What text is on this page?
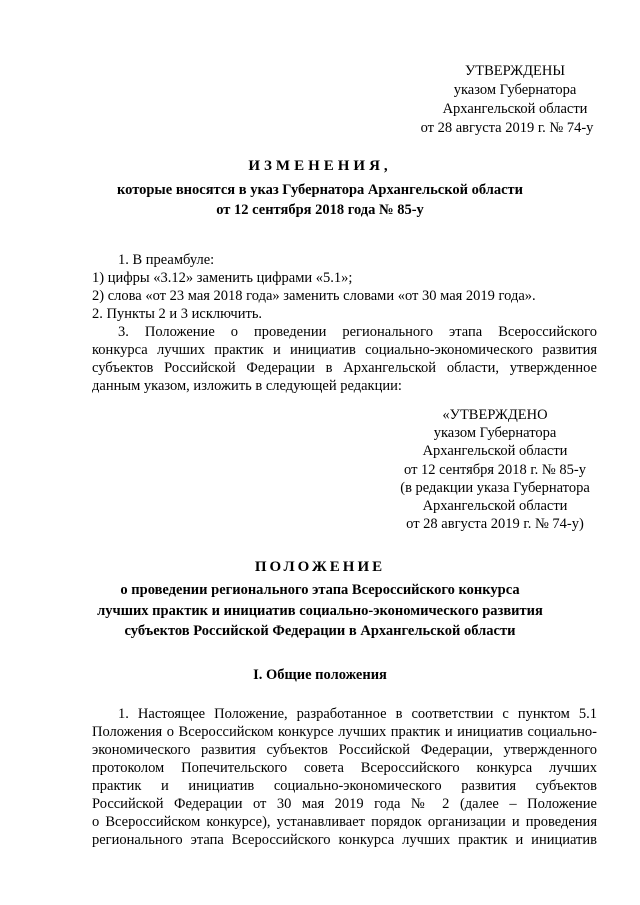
УТВЕРЖДЕНЫ
указом Губернатора
Архангельской области
от 28 августа 2019 г. № 74-у
ИЗМЕНЕНИЯ,
которые вносятся в указ Губернатора Архангельской области
от 12 сентября 2018 года № 85-у
1. В преамбуле:
1) цифры «3.12» заменить цифрами «5.1»;
2) слова «от 23 мая 2018 года» заменить словами «от 30 мая 2019 года».
2. Пункты 2 и 3 исключить.
3. Положение о проведении регионального этапа Всероссийского
конкурса лучших практик и инициатив социально-экономического развития
субъектов Российской Федерации в Архангельской области, утвержденное
данным указом, изложить в следующей редакции:
«УТВЕРЖДЕНО
указом Губернатора
Архангельской области
от 12 сентября 2018 г. № 85-у
(в редакции указа Губернатора
Архангельской области
от 28 августа 2019 г. № 74-у)
ПОЛОЖЕНИЕ
о проведении регионального этапа Всероссийского конкурса
лучших практик и инициатив социально-экономического развития
субъектов Российской Федерации в Архангельской области
I. Общие положения
1. Настоящее Положение, разработанное в соответствии с пунктом 5.1
Положения о Всероссийском конкурсе лучших практик и инициатив социально-
экономического развития субъектов Российской Федерации, утвержденного
протоколом Попечительского совета Всероссийского конкурса лучших
практик и инициатив социально-экономического развития субъектов
Российской Федерации от 30 мая 2019 года № 2 (далее – Положение
о Всероссийском конкурсе), устанавливает порядок организации и проведения
регионального этапа Всероссийского конкурса лучших практик и инициатив
